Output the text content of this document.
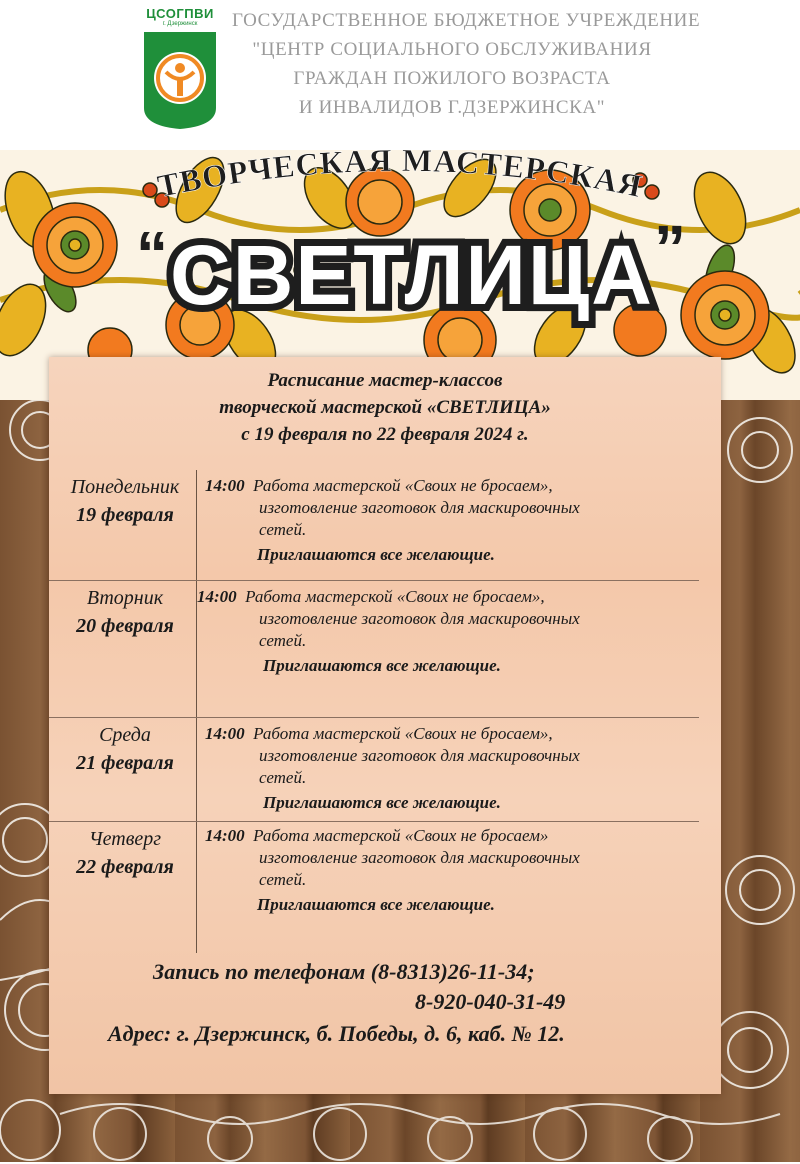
ЦСОГПВИ
г. Дзержинск	ГОСУДАРСТВЕННОЕ БЮДЖЕТНОЕ УЧРЕЖДЕНИЕ
"ЦЕНТР СОЦИАЛЬНОГО ОБСЛУЖИВАНИЯ
ГРАЖДАН ПОЖИЛОГО ВОЗРАСТА
И ИНВАЛИДОВ Г.ДЗЕРЖИНСКА"
ТВОРЧЕСКАЯ МАСТЕРСКАЯ
“ СВЕТЛИЦА ”
Расписание мастер-классов
творческой мастерской «СВЕТЛИЦА»
с 19 февраля по 22 февраля 2024 г.
Понедельник
19 февраля
14:00 Работа мастерской «Своих не бросаем»,
изготовление заготовок для маскировочных
сетей.
Приглашаются все желающие.
Вторник
20 февраля
14:00 Работа мастерской «Своих не бросаем»,
изготовление заготовок для маскировочных
сетей.
Приглашаются все желающие.
Среда
21 февраля
14:00 Работа мастерской «Своих не бросаем»,
изготовление заготовок для маскировочных
сетей.
Приглашаются все желающие.
Четверг
22 февраля
14:00 Работа мастерской «Своих не бросаем»
изготовление заготовок для маскировочных
сетей.
Приглашаются все желающие.
Запись по телефонам (8-8313)26-11-34;
8-920-040-31-49
Адрес: г. Дзержинск, б. Победы, д. 6, каб. № 12.
